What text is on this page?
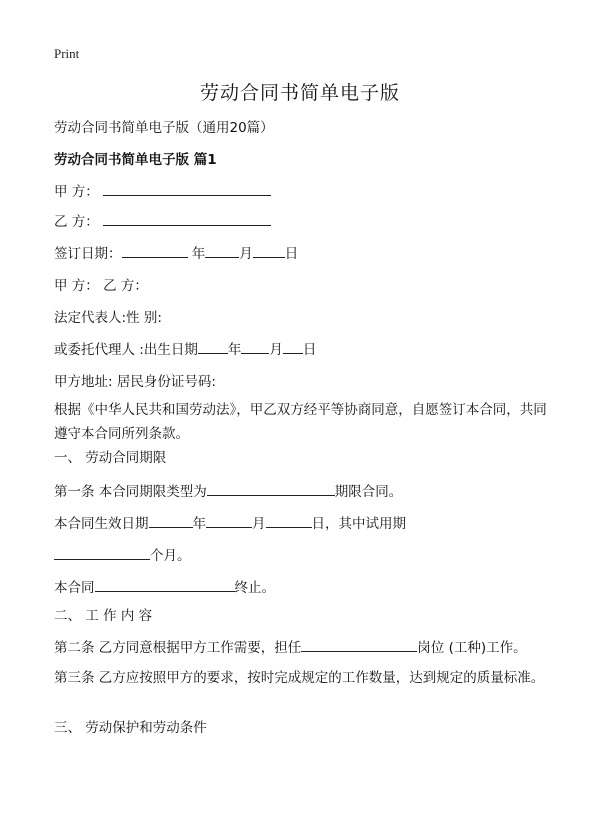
Print
劳动合同书简单电子版
劳动合同书简单电子版（通用20篇）
劳动合同书简单电子版 篇1
甲 方：
乙 方：
签订日期：	年	月 日
甲 方： 乙 方：
法定代表人:性 别:
或委托代理人 :出生日期 年 月 日
甲方地址: 居民身份证号码:
根据《中华人民共和国劳动法》，甲乙双方经平等协商同意，自愿签订本合同，共同遵守本合同所列条款。
一、 劳动合同期限
第一条 本合同期限类型为	期限合同。
本合同生效日期	年	月	日，其中试用期
个月。
本合同	终止。
二、 工 作 内 容
第二条 乙方同意根据甲方工作需要，担任	岗位 (工种)工作。
第三条 乙方应按照甲方的要求，按时完成规定的工作数量，达到规定的质量标准。
三、 劳动保护和劳动条件
